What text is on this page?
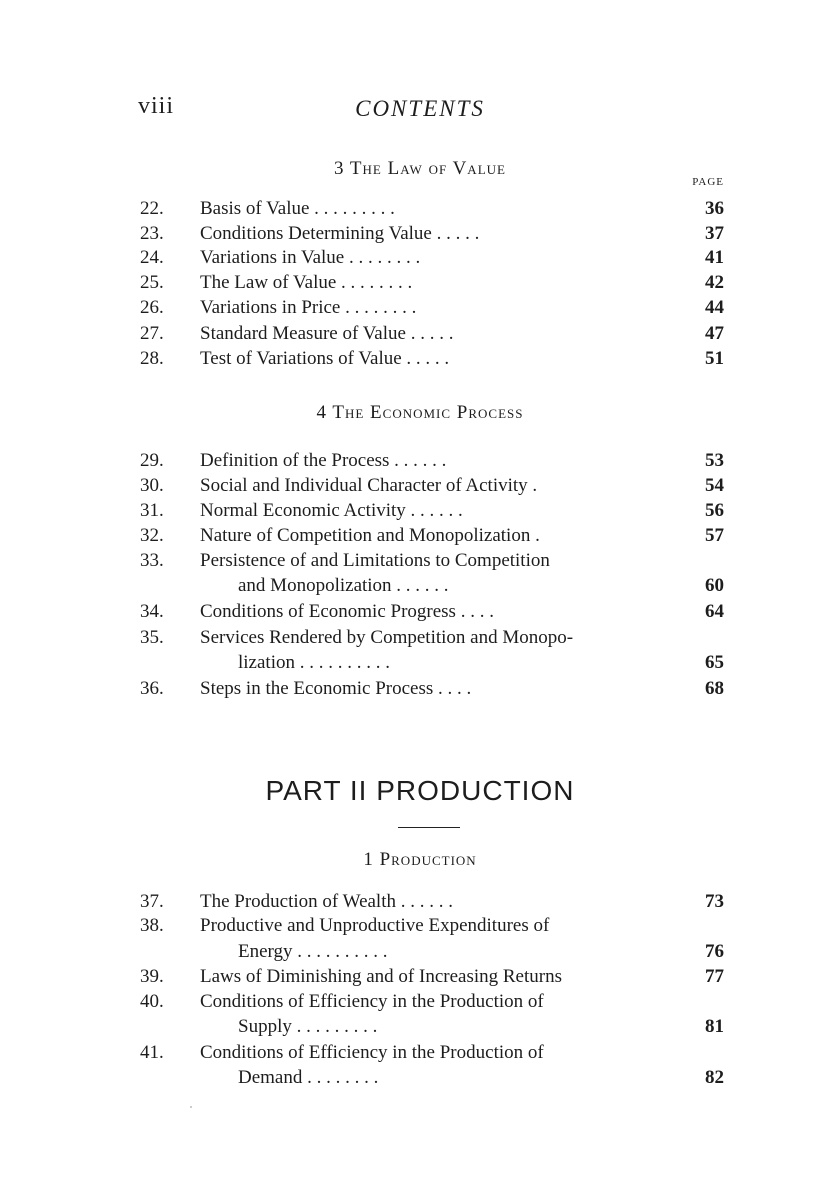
viii	CONTENTS
3 The Law of Value
PAGE
22.	Basis of Value . . . . . . . . .	36
23.	Conditions Determining Value . . . . .	37
24.	Variations in Value . . . . . . . .	41
25.	The Law of Value . . . . . . . .	42
26.	Variations in Price . . . . . . . .	44
27.	Standard Measure of Value . . . . .	47
28.	Test of Variations of Value . . . . .	51
4 The Economic Process
29.	Definition of the Process . . . . . .	53
30.	Social and Individual Character of Activity .	54
31.	Normal Economic Activity . . . . . .	56
32.	Nature of Competition and Monopolization .	57
33.	Persistence of and Limitations to Competition
and Monopolization . . . . . .	60
34.	Conditions of Economic Progress . . . .	64
35.	Services Rendered by Competition and Monopo-
lization . . . . . . . . . .	65
36.	Steps in the Economic Process . . . .	68
PART II PRODUCTION
1 Production
37.	The Production of Wealth . . . . . .	73
38.	Productive and Unproductive Expenditures of
Energy . . . . . . . . . .	76
39.	Laws of Diminishing and of Increasing Returns	77
40.	Conditions of Efficiency in the Production of
Supply . . . . . . . . .	81
41.	Conditions of Efficiency in the Production of
Demand . . . . . . . .	82
